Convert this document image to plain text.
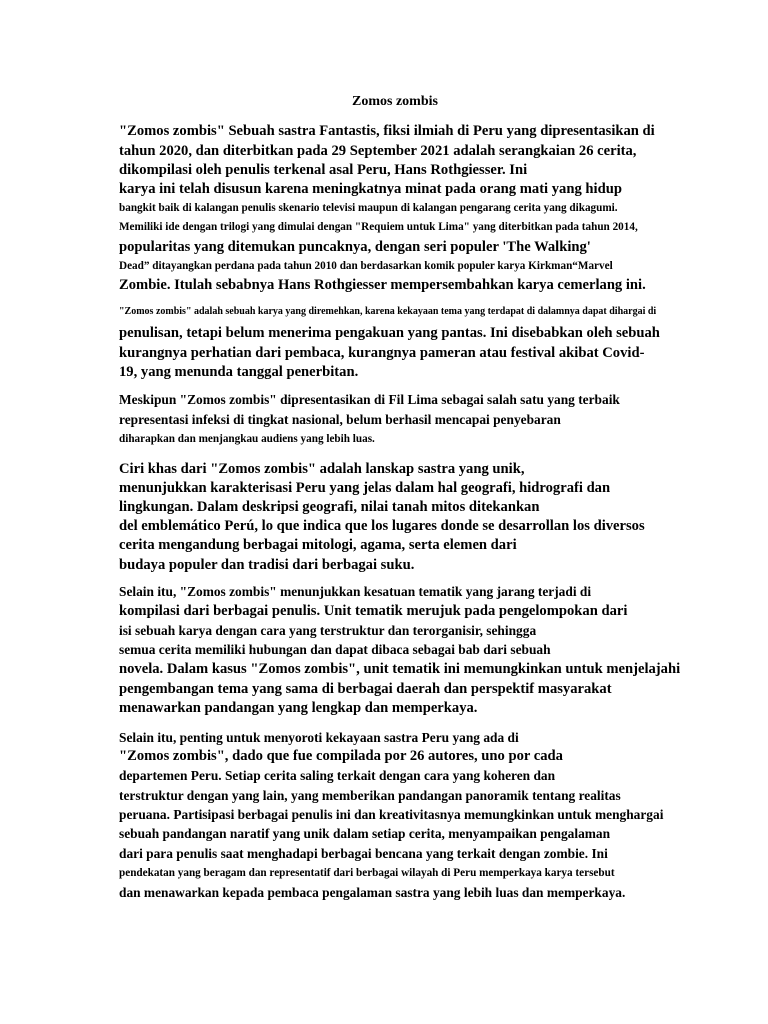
Zomos zombis
"Zomos zombis" Sebuah sastra Fantastis, fiksi ilmiah di Peru yang dipresentasikan di
tahun 2020, dan diterbitkan pada 29 September 2021 adalah serangkaian 26 cerita,
dikompilasi oleh penulis terkenal asal Peru, Hans Rothgiesser. Ini
karya ini telah disusun karena meningkatnya minat pada orang mati yang hidup
bangkit baik di kalangan penulis skenario televisi maupun di kalangan pengarang cerita yang dikagumi.
Memiliki ide dengan trilogi yang dimulai dengan "Requiem untuk Lima" yang diterbitkan pada tahun 2014,
popularitas yang ditemukan puncaknya, dengan seri populer 'The Walking'
Dead” ditayangkan perdana pada tahun 2010 dan berdasarkan komik populer karya Kirkman“Marvel
Zombie. Itulah sebabnya Hans Rothgiesser mempersembahkan karya cemerlang ini.
"Zomos zombis" adalah sebuah karya yang diremehkan, karena kekayaan tema yang terdapat di dalamnya dapat dihargai di
penulisan, tetapi belum menerima pengakuan yang pantas. Ini disebabkan oleh sebuah
kurangnya perhatian dari pembaca, kurangnya pameran atau festival akibat Covid-
19, yang menunda tanggal penerbitan.
Meskipun "Zomos zombis" dipresentasikan di Fil Lima sebagai salah satu yang terbaik
representasi infeksi di tingkat nasional, belum berhasil mencapai penyebaran
diharapkan dan menjangkau audiens yang lebih luas.
Ciri khas dari "Zomos zombis" adalah lanskap sastra yang unik,
menunjukkan karakterisasi Peru yang jelas dalam hal geografi, hidrografi dan
lingkungan. Dalam deskripsi geografi, nilai tanah mitos ditekankan
del emblemático Perú, lo que indica que los lugares donde se desarrollan los diversos
cerita mengandung berbagai mitologi, agama, serta elemen dari
budaya populer dan tradisi dari berbagai suku.
Selain itu, "Zomos zombis" menunjukkan kesatuan tematik yang jarang terjadi di
kompilasi dari berbagai penulis. Unit tematik merujuk pada pengelompokan dari
isi sebuah karya dengan cara yang terstruktur dan terorganisir, sehingga
semua cerita memiliki hubungan dan dapat dibaca sebagai bab dari sebuah
novela. Dalam kasus "Zomos zombis", unit tematik ini memungkinkan untuk menjelajahi
pengembangan tema yang sama di berbagai daerah dan perspektif masyarakat
menawarkan pandangan yang lengkap dan memperkaya.
Selain itu, penting untuk menyoroti kekayaan sastra Peru yang ada di
"Zomos zombis", dado que fue compilada por 26 autores, uno por cada
departemen Peru. Setiap cerita saling terkait dengan cara yang koheren dan
terstruktur dengan yang lain, yang memberikan pandangan panoramik tentang realitas
peruana. Partisipasi berbagai penulis ini dan kreativitasnya memungkinkan untuk menghargai
sebuah pandangan naratif yang unik dalam setiap cerita, menyampaikan pengalaman
dari para penulis saat menghadapi berbagai bencana yang terkait dengan zombie. Ini
pendekatan yang beragam dan representatif dari berbagai wilayah di Peru memperkaya karya tersebut
dan menawarkan kepada pembaca pengalaman sastra yang lebih luas dan memperkaya.
